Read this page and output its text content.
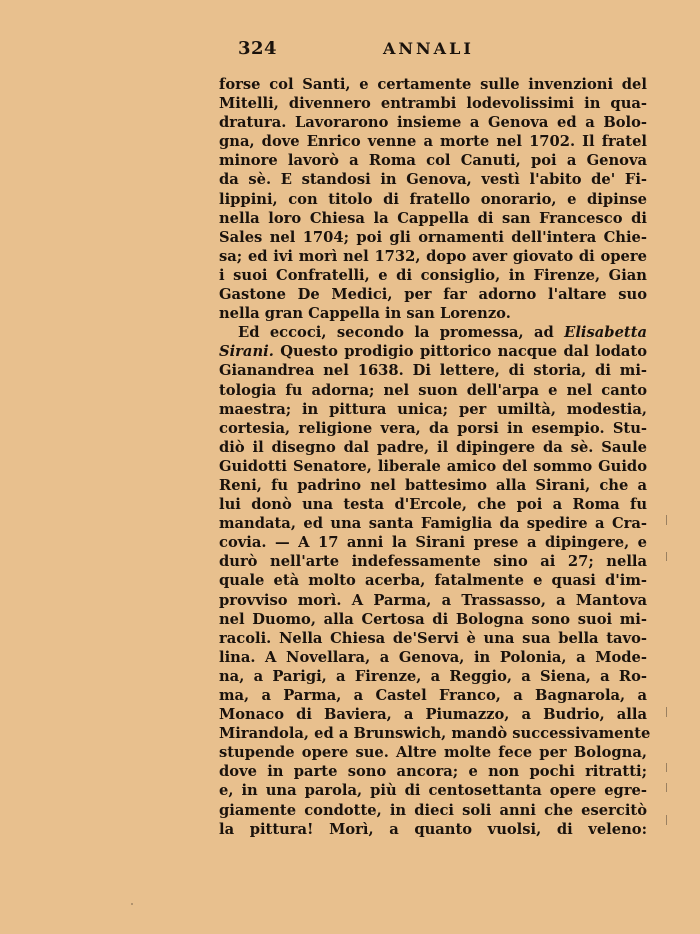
324	ANNALI
forse col Santi, e certamente sulle invenzioni del
Mitelli, divennero entrambi lodevolissimi in qua-
dratura. Lavorarono insieme a Genova ed a Bolo-
gna, dove Enrico venne a morte nel 1702. Il fratel
minore lavorò a Roma col Canuti, poi a Genova
da sè. E standosi in Genova, vestì l'abito de' Fi-
lippini, con titolo di fratello onorario, e dipinse
nella loro Chiesa la Cappella di san Francesco di
Sales nel 1704; poi gli ornamenti dell'intera Chie-
sa; ed ivi morì nel 1732, dopo aver giovato di opere
i suoi Confratelli, e di consiglio, in Firenze, Gian
Gastone De Medici, per far adorno l'altare suo
nella gran Cappella in san Lorenzo.
Ed eccoci, secondo la promessa, ad Elisabetta
Sirani. Questo prodigio pittorico nacque dal lodato
Gianandrea nel 1638. Di lettere, di storia, di mi-
tologia fu adorna; nel suon dell'arpa e nel canto
maestra; in pittura unica; per umiltà, modestia,
cortesia, religione vera, da porsi in esempio. Stu-
diò il disegno dal padre, il dipingere da sè. Saule
Guidotti Senatore, liberale amico del sommo Guido
Reni, fu padrino nel battesimo alla Sirani, che a
lui donò una testa d'Ercole, che poi a Roma fu
mandata, ed una santa Famiglia da spedire a Cra-
covia. — A 17 anni la Sirani prese a dipingere, e
durò nell'arte indefessamente sino ai 27; nella
quale età molto acerba, fatalmente e quasi d'im-
provviso morì. A Parma, a Trassasso, a Mantova
nel Duomo, alla Certosa di Bologna sono suoi mi-
racoli. Nella Chiesa de'Servi è una sua bella tavo-
lina. A Novellara, a Genova, in Polonia, a Mode-
na, a Parigi, a Firenze, a Reggio, a Siena, a Ro-
ma, a Parma, a Castel Franco, a Bagnarola, a
Monaco di Baviera, a Piumazzo, a Budrio, alla
Mirandola, ed a Brunswich, mandò successivamente
stupende opere sue. Altre molte fece per Bologna,
dove in parte sono ancora; e non pochi ritratti;
e, in una parola, più di centosettanta opere egre-
giamente condotte, in dieci soli anni che esercitò
la pittura! Morì, a quanto vuolsi, di veleno:
